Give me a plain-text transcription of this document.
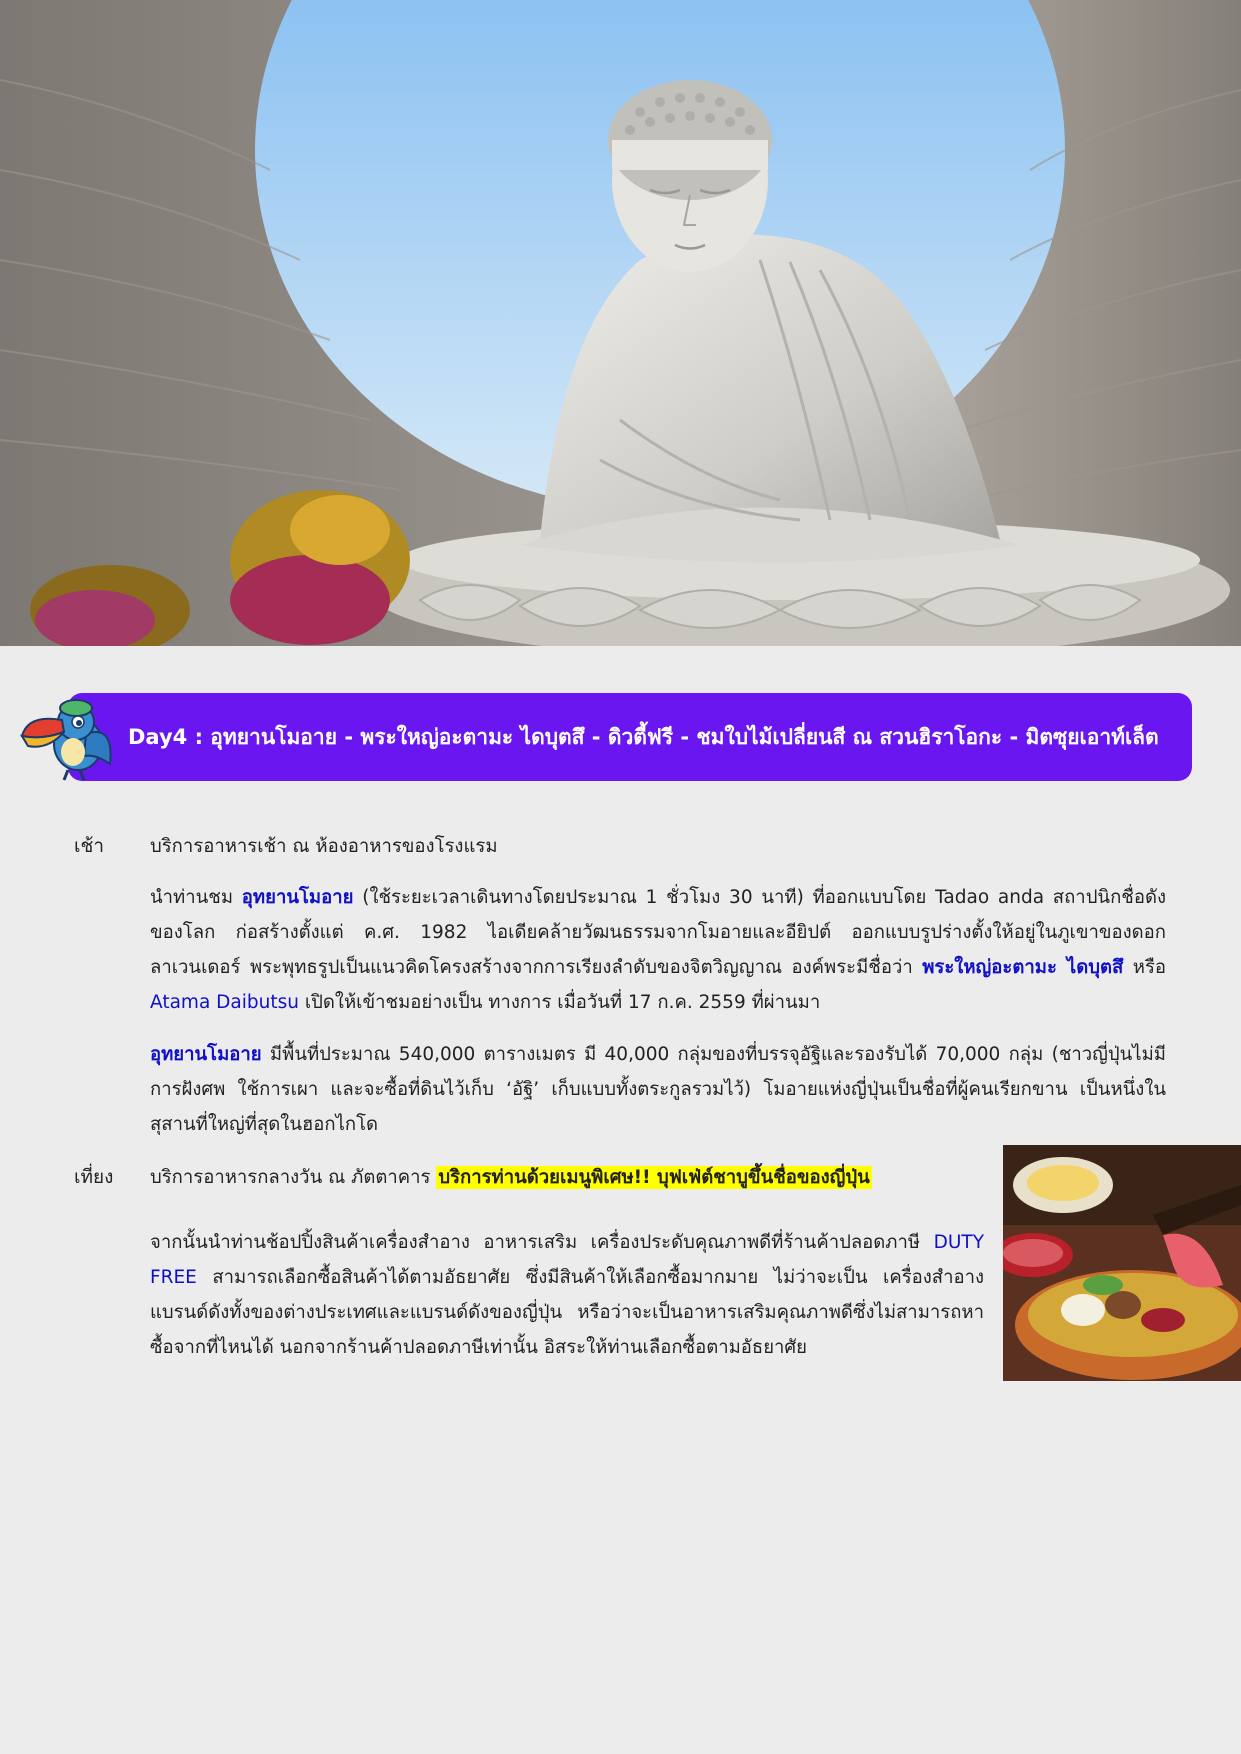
Day4 : อุทยานโมอาย - พระใหญ่อะตามะ ไดบุตสึ - ดิวตี้ฟรี - ชมใบไม้เปลี่ยนสี ณ สวนฮิราโอกะ - มิตซุยเอาท์เล็ต
เช้า	บริการอาหารเช้า ณ ห้องอาหารของโรงแรม
นำท่านชม อุทยานโมอาย (ใช้ระยะเวลาเดินทางโดยประมาณ 1 ชั่วโมง 30 นาที) ที่ออกแบบโดย Tadao anda สถาปนิกชื่อดังของโลก ก่อสร้างตั้งแต่ ค.ศ. 1982 ไอเดียคล้ายวัฒนธรรมจากโมอายและอียิปต์ ออกแบบรูปร่างตั้งให้อยู่ในภูเขาของดอกลาเวนเดอร์ พระพุทธรูปเป็นแนวคิดโครงสร้างจากการเรียงลำดับของจิตวิญญาณ องค์พระมีชื่อว่า พระใหญ่อะตามะ ไดบุตสึ หรือ Atama Daibutsu เปิดให้เข้าชมอย่างเป็น ทางการ เมื่อวันที่ 17 ก.ค. 2559 ที่ผ่านมา
อุทยานโมอาย มีพื้นที่ประมาณ 540,000 ตารางเมตร มี 40,000 กลุ่มของที่บรรจุอัฐิและรองรับได้ 70,000 กลุ่ม (ชาวญี่ปุ่นไม่มีการฝังศพ ใช้การเผา และจะซื้อที่ดินไว้เก็บ ‘อัฐิ’ เก็บแบบทั้งตระกูลรวมไว้) โมอายแห่งญี่ปุ่นเป็นชื่อที่ผู้คนเรียกขาน เป็นหนึ่งในสุสานที่ใหญ่ที่สุดในฮอกไกโด
เที่ยง	บริการอาหารกลางวัน ณ ภัตตาคาร บริการท่านด้วยเมนูพิเศษ!! บุฟเฟ่ต์ชาบูขึ้นชื่อของญี่ปุ่น
จากนั้นนำท่านช้อปปิ้งสินค้าเครื่องสำอาง อาหารเสริม เครื่องประดับคุณภาพดีที่ร้านค้าปลอดภาษี DUTY FREE สามารถเลือกซื้อสินค้าได้ตามอัธยาศัย ซึ่งมีสินค้าให้เลือกซื้อมากมาย ไม่ว่าจะเป็น เครื่องสำอางแบรนด์ดังทั้งของต่างประเทศและแบรนด์ดังของญี่ปุ่น หรือว่าจะเป็นอาหารเสริมคุณภาพดีซึ่งไม่สามารถหาซื้อจากที่ไหนได้ นอกจากร้านค้าปลอดภาษีเท่านั้น อิสระให้ท่านเลือกซื้อตามอัธยาศัย
